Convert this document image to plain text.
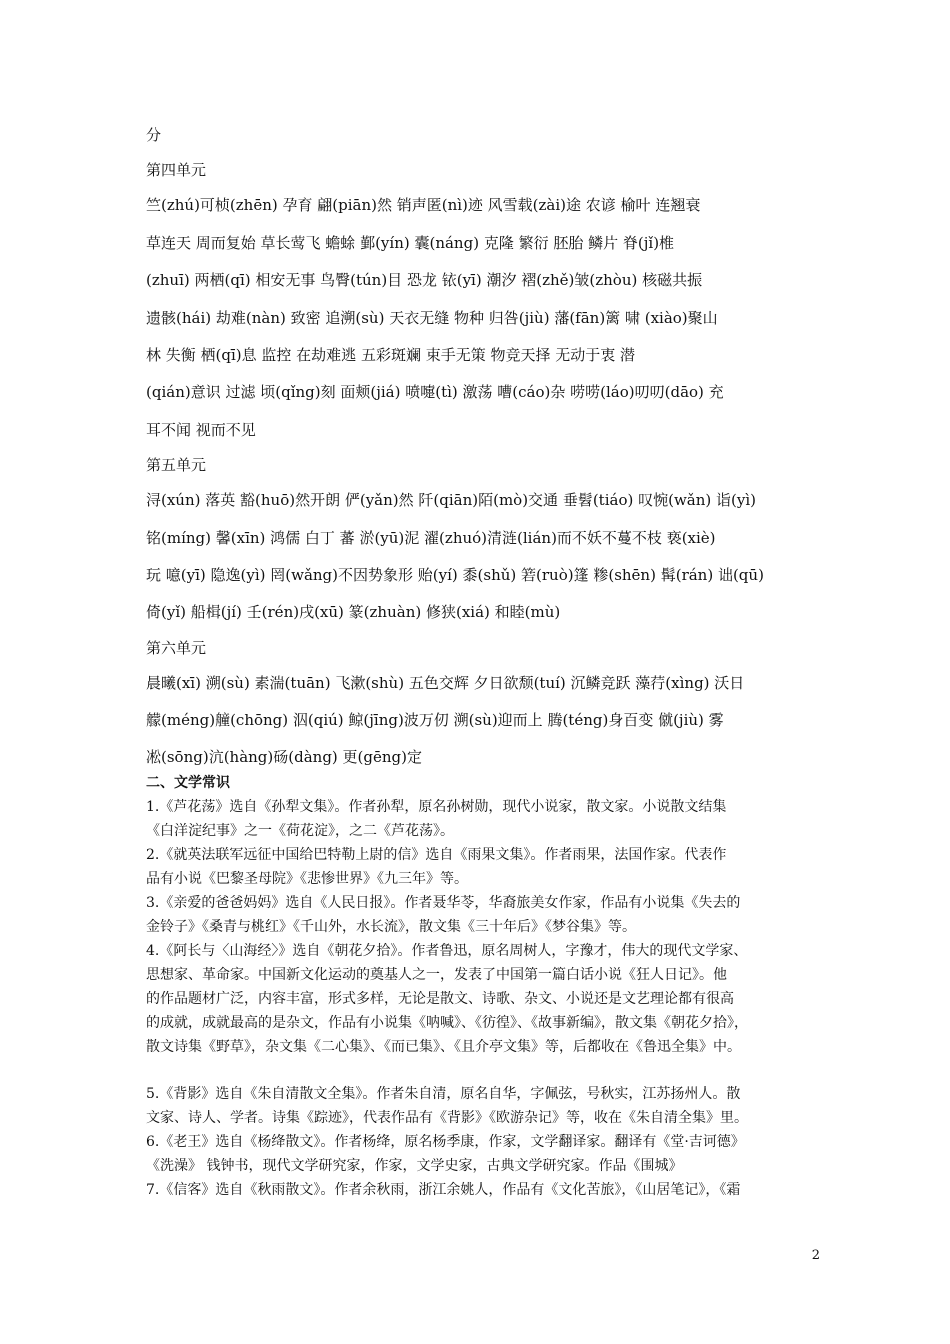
分

第四单元

竺(zhú)可桢(zhēn) 孕育 翩(piān)然 销声匿(nì)迹 风雪载(zài)途 农谚 榆叶 连翘衰

草连天 周而复始 草长莺飞 蟾蜍 鄞(yín) 囊(náng) 克隆 繁衍 胚胎 鳞片 脊(jǐ)椎

(zhuī) 两栖(qī) 相安无事 鸟臀(tún)目 恐龙 铱(yī) 潮汐 褶(zhě)皱(zhòu) 核磁共振

遗骸(hái) 劫难(nàn) 致密 追溯(sù) 天衣无缝 物种 归咎(jiù) 藩(fān)篱 啸 (xiào)聚山

林 失衡 栖(qī)息 监控 在劫难逃 五彩斑斓 束手无策 物竞天择 无动于衷 潜

(qián)意识 过滤 顷(qǐng)刻 面颊(jiá) 喷嚏(tì) 激荡 嘈(cáo)杂 唠唠(láo)叨叨(dāo) 充

耳不闻 视而不见

第五单元

浔(xún) 落英 豁(huō)然开朗 俨(yǎn)然 阡(qiān)陌(mò)交通 垂髫(tiáo) 叹惋(wǎn) 诣(yì)

铭(míng) 馨(xīn) 鸿儒 白丁 蕃 淤(yū)泥 濯(zhuó)清涟(lián)而不妖不蔓不枝 亵(xiè)

玩 噫(yī) 隐逸(yì) 罔(wǎng)不因势象形 贻(yí) 黍(shǔ) 箬(ruò)篷 糁(shēn) 髯(rán) 诎(qū)

倚(yǐ) 船楫(jí) 壬(rén)戌(xū) 篆(zhuàn) 修狭(xiá) 和睦(mù)

第六单元

晨曦(xī) 溯(sù) 素湍(tuān) 飞漱(shù) 五色交辉 夕日欲颓(tuí) 沉鳞竞跃 藻荇(xìng) 沃日

艨(méng)艟(chōng) 泅(qiú) 鲸(jīng)波万仞 溯(sù)迎而上 腾(téng)身百变 僦(jiù) 雾

凇(sōng)沆(hàng)砀(dàng) 更(gēng)定

二、文学常识

1.《芦花荡》选自《孙犁文集》。作者孙犁，原名孙树勋，现代小说家，散文家。小说散文结集

《白洋淀纪事》之一《荷花淀》，之二《芦花荡》。

2.《就英法联军远征中国给巴特勒上尉的信》选自《雨果文集》。作者雨果，法国作家。代表作

品有小说《巴黎圣母院》《悲惨世界》《九三年》等。

3.《亲爱的爸爸妈妈》选自《人民日报》。作者聂华苓，华裔旅美女作家，作品有小说集《失去的

金铃子》《桑青与桃红》《千山外，水长流》，散文集《三十年后》《梦谷集》等。

4.《阿长与〈山海经〉》选自《朝花夕拾》。作者鲁迅，原名周树人，字豫才，伟大的现代文学家、

思想家、革命家。中国新文化运动的奠基人之一，发表了中国第一篇白话小说《狂人日记》。他

的作品题材广泛，内容丰富，形式多样，无论是散文、诗歌、杂文、小说还是文艺理论都有很高

的成就，成就最高的是杂文，作品有小说集《呐喊》、《彷徨》、《故事新编》，散文集《朝花夕拾》，

散文诗集《野草》，杂文集《二心集》、《而已集》、《且介亭文集》等，后都收在《鲁迅全集》中。

5.《背影》选自《朱自清散文全集》。作者朱自清，原名自华，字佩弦，号秋实，江苏扬州人。散

文家、诗人、学者。诗集《踪迹》，代表作品有《背影》《欧游杂记》等，收在《朱自清全集》里。

6.《老王》选自《杨绛散文》。作者杨绛，原名杨季康，作家，文学翻译家。翻译有《堂·吉诃德》

《洗澡》 钱钟书，现代文学研究家，作家，文学史家，古典文学研究家。作品《围城》

7.《信客》选自《秋雨散文》。作者余秋雨，浙江余姚人，作品有《文化苦旅》，《山居笔记》，《霜

2
